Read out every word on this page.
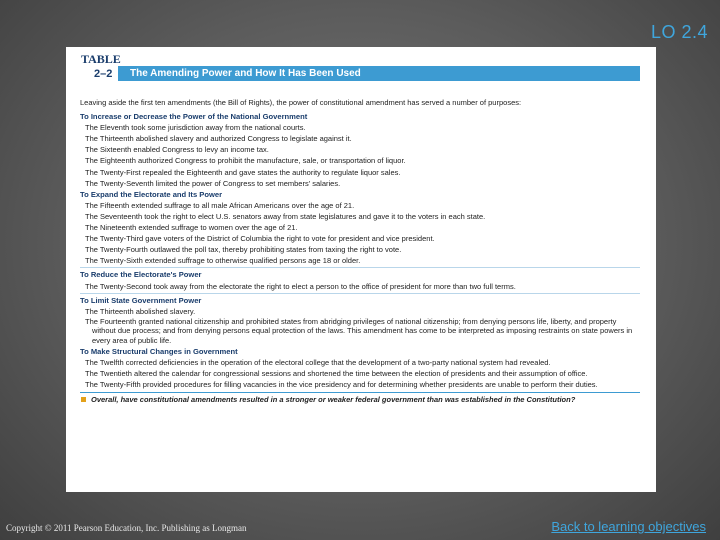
LO 2.4
TABLE
2–2	The Amending Power and How It Has Been Used
Leaving aside the first ten amendments (the Bill of Rights), the power of constitutional amendment has served a number of purposes:
To Increase or Decrease the Power of the National Government
The Eleventh took some jurisdiction away from the national courts.
The Thirteenth abolished slavery and authorized Congress to legislate against it.
The Sixteenth enabled Congress to levy an income tax.
The Eighteenth authorized Congress to prohibit the manufacture, sale, or transportation of liquor.
The Twenty-First repealed the Eighteenth and gave states the authority to regulate liquor sales.
The Twenty-Seventh limited the power of Congress to set members' salaries.
To Expand the Electorate and Its Power
The Fifteenth extended suffrage to all male African Americans over the age of 21.
The Seventeenth took the right to elect U.S. senators away from state legislatures and gave it to the voters in each state.
The Nineteenth extended suffrage to women over the age of 21.
The Twenty-Third gave voters of the District of Columbia the right to vote for president and vice president.
The Twenty-Fourth outlawed the poll tax, thereby prohibiting states from taxing the right to vote.
The Twenty-Sixth extended suffrage to otherwise qualified persons age 18 or older.
To Reduce the Electorate's Power
The Twenty-Second took away from the electorate the right to elect a person to the office of president for more than two full terms.
To Limit State Government Power
The Thirteenth abolished slavery.
The Fourteenth granted national citizenship and prohibited states from abridging privileges of national citizenship; from denying persons life, liberty, and property without due process; and from denying persons equal protection of the laws. This amendment has come to be interpreted as imposing restraints on state powers in every area of public life.
To Make Structural Changes in Government
The Twelfth corrected deficiencies in the operation of the electoral college that the development of a two-party national system had revealed.
The Twentieth altered the calendar for congressional sessions and shortened the time between the election of presidents and their assumption of office.
The Twenty-Fifth provided procedures for filling vacancies in the vice presidency and for determining whether presidents are unable to perform their duties.
Overall, have constitutional amendments resulted in a stronger or weaker federal government than was established in the Constitution?
Copyright © 2011 Pearson Education, Inc. Publishing as Longman	Back to learning objectives
